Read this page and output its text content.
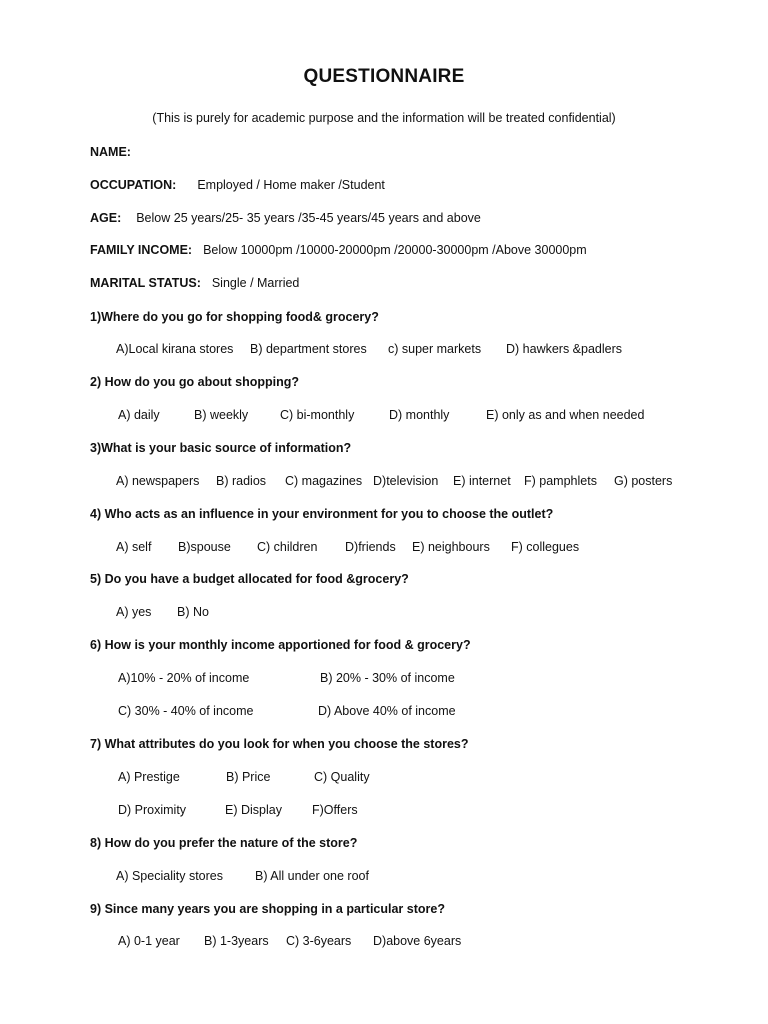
QUESTIONNAIRE
(This is purely for academic purpose and the information will be treated confidential)
NAME:
OCCUPATION: Employed / Home maker /Student
AGE: Below 25 years/25- 35 years /35-45 years/45 years and above
FAMILY INCOME: Below 10000pm /10000-20000pm /20000-30000pm /Above 30000pm
MARITAL STATUS: Single / Married
1)Where do you go for shopping food& grocery?
A)Local kirana stores B) department stores c) super markets D) hawkers &padlers
2) How do you go about shopping?
A) daily	B) weekly	C) bi-monthly	D) monthly	E) only as and when needed
3)What is your basic source of information?
A) newspapers B) radios C) magazines D)television E) internet F) pamphlets G) posters
4) Who acts as an influence in your environment for you to choose the outlet?
A) self B)spouse C) children D)friends E) neighbours F) collegues
5) Do you have a budget allocated for food &grocery?
A) yes B) No
6) How is your monthly income apportioned for food & grocery?
A)10% - 20% of income	B) 20% - 30% of income
C) 30% - 40% of income	D) Above 40% of income
7) What attributes do you look for when you choose the stores?
A) Prestige	B) Price	C) Quality
D) Proximity	E) Display F)Offers
8) How do you prefer the nature of the store?
A) Speciality stores	B) All under one roof
9) Since many years you are shopping in a particular store?
A) 0-1 year B) 1-3years C) 3-6years D)above 6years
